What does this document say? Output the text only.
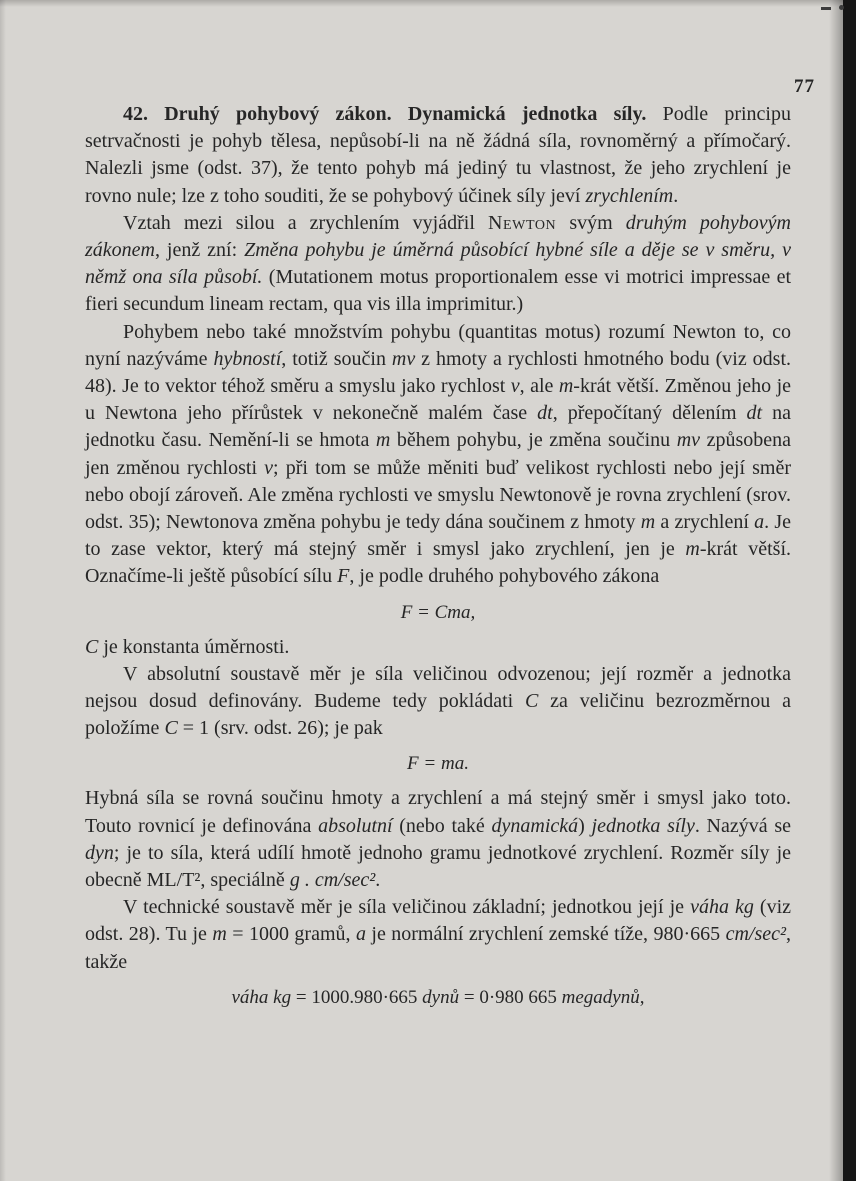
77

42. Druhý pohybový zákon. Dynamická jednotka síly. Podle principu setrvačnosti je pohyb tělesa, nepůsobí-li na ně žádná síla, rovnoměrný a přímočarý. Nalezli jsme (odst. 37), že tento pohyb má jediný tu vlastnost, že jeho zrychlení je rovno nule; lze z toho souditi, že se pohybový účinek síly jeví zrychlením.

Vztah mezi silou a zrychlením vyjádřil Newton svým druhým pohybovým zákonem, jenž zní: Změna pohybu je úměrná působící hybné síle a děje se v směru, v němž ona síla působí. (Mutationem motus proportionalem esse vi motrici impressae et fieri secundum lineam rectam, qua vis illa imprimitur.)

Pohybem nebo také množstvím pohybu (quantitas motus) rozumí Newton to, co nyní nazýváme hybností, totiž součin mv z hmoty a rychlosti hmotného bodu (viz odst. 48). Je to vektor téhož směru a smyslu jako rychlost v, ale m-krát větší. Změnou jeho je u Newtona jeho přírůstek v nekonečně malém čase dt, přepočítaný dělením dt na jednotku času. Nemění-li se hmota m během pohybu, je změna součinu mv způsobena jen změnou rychlosti v; při tom se může měniti buď velikost rychlosti nebo její směr nebo obojí zároveň. Ale změna rychlosti ve smyslu Newtonově je rovna zrychlení (srov. odst. 35); Newtonova změna pohybu je tedy dána součinem z hmoty m a zrychlení a. Je to zase vektor, který má stejný směr i smysl jako zrychlení, jen je m-krát větší. Označíme-li ještě působící sílu F, je podle druhého pohybového zákona

F = Cma,

C je konstanta úměrnosti.

V absolutní soustavě měr je síla veličinou odvozenou; její rozměr a jednotka nejsou dosud definovány. Budeme tedy pokládati C za veličinu bezrozměrnou a položíme C = 1 (srv. odst. 26); je pak

F = ma.

Hybná síla se rovná součinu hmoty a zrychlení a má stejný směr i smysl jako toto. Touto rovnicí je definována absolutní (nebo také dynamická) jednotka síly. Nazývá se dyn; je to síla, která udílí hmotě jednoho gramu jednotkové zrychlení. Rozměr síly je obecně ML/T², speciálně g . cm/sec².

V technické soustavě měr je síla veličinou základní; jednotkou její je váha kg (viz odst. 28). Tu je m = 1000 gramů, a je normální zrychlení zemské tíže, 980·665 cm/sec², takže

váha kg = 1000.980·665 dynů = 0·980 665 megadynů,
